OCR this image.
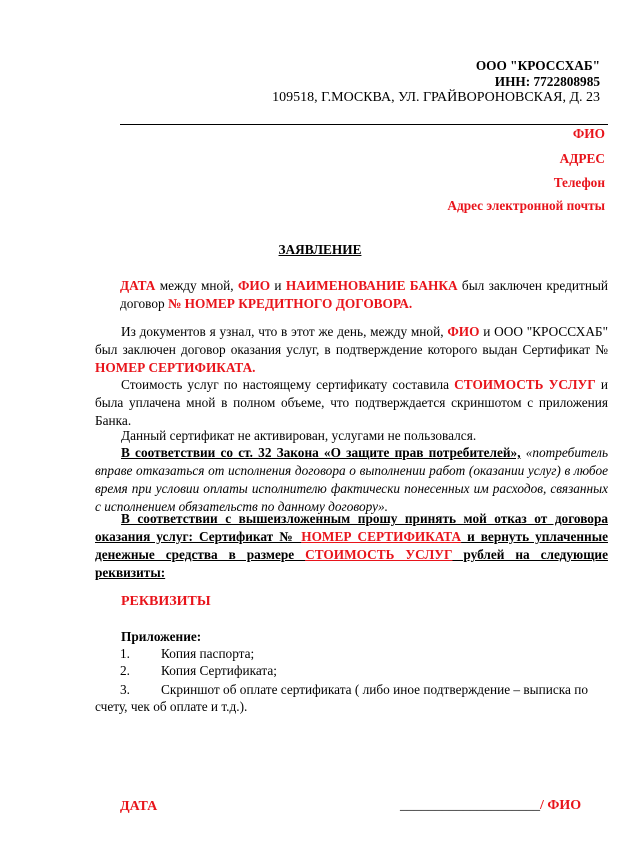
ООО "КРОССХАБ"
ИНН: 7722808985
109518, Г.МОСКВА, УЛ. ГРАЙВОРОНОВСКАЯ, Д. 23
ФИО
АДРЕС
Телефон
Адрес электронной почты
ЗАЯВЛЕНИЕ
ДАТА между мной, ФИО и НАИМЕНОВАНИЕ БАНКА был заключен кредитный договор № НОМЕР КРЕДИТНОГО ДОГОВОРА.
Из документов я узнал, что в этот же день, между мной, ФИО и ООО "КРОССХАБ" был заключен договор оказания услуг, в подтверждение которого выдан Сертификат № НОМЕР СЕРТИФИКАТА.
Стоимость услуг по настоящему сертификату составила СТОИМОСТЬ УСЛУГ и была уплачена мной в полном объеме, что подтверждается скриншотом с приложения Банка.
Данный сертификат не активирован, услугами не пользовался.
В соответствии со ст. 32 Закона «О защите прав потребителей», «потребитель вправе отказаться от исполнения договора о выполнении работ (оказании услуг) в любое время при условии оплаты исполнителю фактически понесенных им расходов, связанных с исполнением обязательств по данному договору».
В соответствии с вышеизложенным прошу принять мой отказ от договора оказания услуг: Сертификат № НОМЕР СЕРТИФИКАТА и вернуть уплаченные денежные средства в размере СТОИМОСТЬ УСЛУГ рублей на следующие реквизиты:
РЕКВИЗИТЫ
Приложение:
1. Копия паспорта;
2. Копия Сертификата;
3. Скриншот об оплате сертификата ( либо иное подтверждение – выписка по
счету, чек об оплате и т.д.).
ДАТА	____________________/ ФИО
